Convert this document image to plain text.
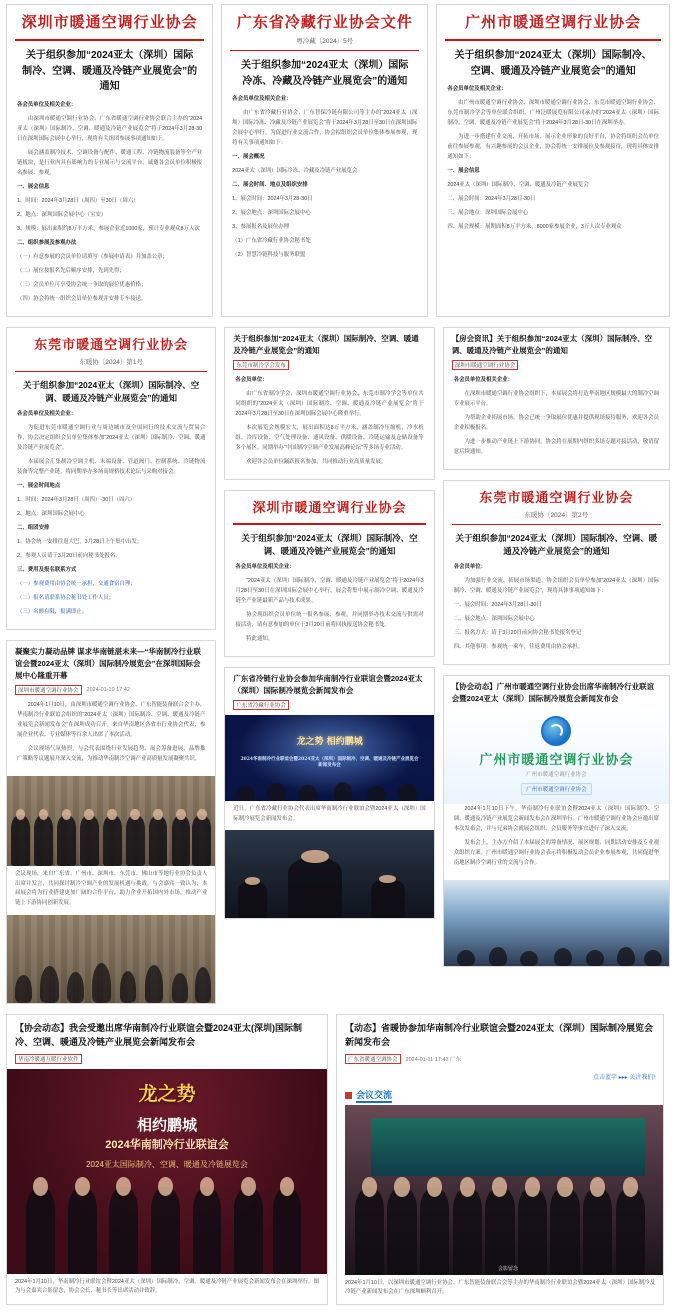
深圳市暖通空调行业协会
关于组织参加“2024亚太（深圳）国际制冷、空调、暖通及冷链产业展览会”的通知

各会员单位及相关企业：

由深圳市暖通空调行业协会、广东省暖通空调行业协会联合主办的“2024亚太（深圳）国际制冷、空调、暖通及冷链产业展览会”将于2024年3月28-30日在深圳国际会展中心举行，现将有关组团参展事项通知如下。

展会涵盖制冷技术、空调设备与配件、暖通工程、冷链物流装备等全产业链板块，是行业内具有影响力的专业展示与交流平台，诚邀各会员单位积极报名参展、参观。

一、展会信息

1、时间：2024年3月28日（周四）至30日（周六）

2、地点：深圳国际会展中心（宝安）

3、规模：展出面积约8万平方米，参展企业近1000家，预计专业观众8万人次

二、组织参展及参观办法

（一）有意参展的会员单位请填写《参展申请表》并加盖公章；

（二）展位按报名先后顺序安排，先到先得；

（三）会员单位可享受协会统一争取的展位优惠价格；

（四）协会将统一组织会员单位参观并安排专车接送。

广东省冷藏行业协会文件
粤冷藏〔2024〕5号
关于组织参加“2024亚太（深圳）国际冷冻、冷藏及冷链产业展览会”的通知

各会员单位及相关企业：

由广东省冷藏行业协会、广东智保冷链有限公司等主办的“2024亚太（深圳）国际冷冻、冷藏及冷链产业展览会”将于2024年3月28日至30日在深圳国际会展中心举行。为促进行业交流合作，协会拟组织会员单位集体参展参观，现将有关事项通知如下：

一、展会概况

2024亚太（深圳）国际冷冻、冷藏及冷链产业展览会

二、展会时间、地点及组织安排

1、展会时间：2024年3月28-30日

2、展会地点：深圳国际会展中心

3、参展报名及展位办理

（1）广东省冷藏行业协会秘书处

（2）智慧冷链科技与服务联盟

广州市暖通空调行业协会
关于组织参加“2024亚太（深圳）国际制冷、空调、暖通及冷链产业展览会”的通知

各会员单位及相关企业：

由广州市暖通空调行业协会、深圳市暖通空调行业协会、东莞市暖通空调行业协会、东莞市制冷学会等单位联合组织，广州泛暖展览有限公司承办的“2024亚太（深圳）国际制冷、空调、暖通及冷链产业展览会”将于2024年3月28日-30日在深圳举办。

为进一步搭建行业交流、开拓市场、展示企业形象的良好平台，协会将组织会员单位前往参展参观，有兴趣参展的会员企业，协会将统一安排展位及参观接待，现将具体安排通知如下：

一、展会信息

2024亚太（深圳）国际制冷、空调、暖通及冷链产业展览会

二、展会时间：2024年3月28日-30日

三、展会地点：深圳国际会展中心

四、展会规模：展期面积8万平方米，8000家参展企业，3万人次专业观众

东莞市暖通空调行业协会
东暖协〔2024〕第1号
关于组织参加“2024亚太（深圳）国际制冷、空调、暖通及冷链产业展览会”的通知

各会员单位及相关企业：

为促进东莞市暖通空调行业与周边城市及全国同行的技术交流与贸易合作，协会决定组织会员单位集体参加“2024亚太（深圳）国际制冷、空调、暖通及冷链产业展览会”。

本届展会汇集制冷空调主机、末端设备、管道阀门、控制系统、冷链物流装备等完整产业链，将同期举办多场高规格技术论坛与采购对接会。

一、展会时间地点

1、时间：2024年3月28日（周四）-30日（周六）

2、地点：深圳国际会展中心

二、组团安排

1、协会统一安排往返大巴，3月28日上午集中出发；

2、参观人员请于3月20日前向秘书处报名。

三、费用及报名联系方式

（一）参观费用由协会统一承担，交通食宿自理；

（二）报名请联系协会秘书处工作人员；

（三）名额有限，报满即止。

凝聚实力凝动品牌 谋求华南链湛未来—“华南制冷行业联谊会暨2024亚太（深圳）国际制冷展览会”在深圳国际会展中心隆重开幕
深圳市暖通空调行业协会	2024-01-10 17:42

2024年1月10日，由深圳市暖通空调行业协会、广东智能装备联合会主办，华南制冷行业联谊会组织的“2024亚太（深圳）国际制冷、空调、暖通及冷链产业展览会新闻发布会”在深圳成功召开。来自华南地区各省市行业协会代表、参展企业代表、专业媒体等百余人出席了本次活动。

会议现场气氛热烈，与会代表围绕行业发展趋势、展会筹备进展、品牌推广策略等议题展开深入交流，为推动华南制冷空调产业高质量发展凝聚共识。

会议现场，来自广东省、广州市、深圳市、东莞市、佛山市等地行业协会负责人出席并发言，共同探讨制冷空调产业的发展机遇与挑战。与会嘉宾一致认为，本届展会将为行业搭建更加广阔的合作平台，助力企业开拓国内外市场，推动产业链上下游协同创新发展。
关于组织参加“2024亚太（深圳）国际制冷、空调、暖通及冷链产业展览会”的通知
东莞市制冷学会发布

各会员单位：

由广东省制冷学会、深圳市暖通空调行业协会、东莞市制冷学会等单位共同组织的“2024亚太（深圳）国际制冷、空调、暖通及冷链产业展览会”将于2024年3月28日至30日在深圳国际会展中心隆重举行。

本次展览会规模宏大，展出面积达8万平方米，涵盖制冷压缩机、冷水机组、冷库设备、空气处理设备、通风设备、供暖设备、冷链运输及仓储设备等多个展区。同期举办“中国制冷空调产业发展高峰论坛”等多场专业活动。

欢迎各会员单位踊跃报名参加，共同推动行业高质量发展。

深圳市暖通空调行业协会
关于组织参加“2024亚太（深圳）国际制冷、空调、暖通及冷链产业展览会”的通知

各会员单位及相关企业：

“2024亚太（深圳）国际制冷、空调、暖通及冷链产业展览会”将于2024年3月28日至30日在深圳国际会展中心举行，展会将集中展示制冷空调、暖通及冷链全产业链最新产品与技术成果。

协会现组织会员单位统一报名参展、参观，并同期举办技术交流与供需对接活动，请有意参加的单位于3月20日前将回执报送协会秘书处。

特此通知。

广东省冷链行业协会参加华南制冷行业联谊会暨2024亚太（深圳）国际制冷展览会新闻发布会
广东省冷藏行业协会
龙之势 相约鹏城
2024华南制冷行业联谊会暨2024亚太（深圳）国际制冷、空调、暖通及冷链产业展览会新闻发布会
近日，广东省冷藏行业协会代表出席华南制冷行业联谊会暨2024亚太（深圳）国际制冷展览会新闻发布会。
【房会资讯】关于组织参加“2024亚太（深圳）国际制冷、空调、暖通及冷链产业展览会”的通知
深圳市暖通空调行业协会

各会员单位及相关企业：

在深圳市暖通空调行业协会组织下，本届展会将打造华南地区规模最大的制冷空调专业展示平台。

为帮助企业拓展市场，协会已统一争取展位优惠并提供现场接待服务，欢迎各会员企业积极报名。

为进一步推动产业链上下游协同，协会将在展期内组织多场专题对接活动，敬请留意后续通知。

东莞市暖通空调行业协会
东暖协〔2024〕第2号
关于组织参加“2024亚太（深圳）国际制冷、空调、暖通及冷链产业展览会”的通知

各会员单位：

为加强行业交流、拓展市场渠道，协会组织会员单位参加“2024亚太（深圳）国际制冷、空调、暖通及冷链产业展览会”，现将具体事项通知如下：

一、展会时间：2024年3月28日-30日

二、展会地点：深圳国际会展中心

三、报名方式：请于3月20日前向协会秘书处报名登记

四、其他事项：参观统一乘车，往返费用由协会承担。

【协会动态】广州市暖通空调行业协会出席华南制冷行业联谊会暨2024亚太（深圳）国际制冷展览会新闻发布会
广州市暖通空调行业协会
广州市暖通空调行业协会
广州市暖通空调行业协会

2024年1月10日下午，华南制冷行业联谊会暨2024亚太（深圳）国际制冷、空调、暖通及冷链产业展览会新闻发布会在深圳举行。广州市暖通空调行业协会应邀出席本次发布会，并与兄弟协会就展会组织、会员服务等事宜进行了深入交流。

发布会上，主办方介绍了本届展会的筹备情况、展区规划、同期活动安排及专业观众组织方案。广州市暖通空调行业协会表示将积极发动会员企业参展参观，共同促进华南地区制冷空调行业的交流与合作。

【协会动态】我会受邀出席华南制冷行业联谊会暨2024亚太(深圳)国际制冷、空调、暖通及冷链产业展览会新闻发布会
华南冷暖通互暖行业软件
龙之势
相约鹏城
2024华南制冷行业联谊会
2024亚太国际制冷、空调、暖通及冷链展览会
2024年1月10日，华南制冷行业联谊会暨2024亚太（深圳）国际制冷、空调、暖通及冷链产业展览会新闻发布会在深圳举行。图为与会嘉宾合影留念，协会会长、秘书长等出席活动并致辞。
【动态】省暖协参加华南制冷行业联谊会暨2024亚太（深圳）国际制冷展览会新闻发布会
广东省暖通空调协会	2024-01-11 17:42 广东
点击蓝字 ▸▸▸ 关注我们!
会议交流
会影留念
2024年1月10日，以深圳市暖通空调行业协会、广东智能装备联合会等主办的华南制冷行业联谊会暨2024亚太（深圳）国际制冷及冷链产业新闻发布会在广东深圳顺利召开。
